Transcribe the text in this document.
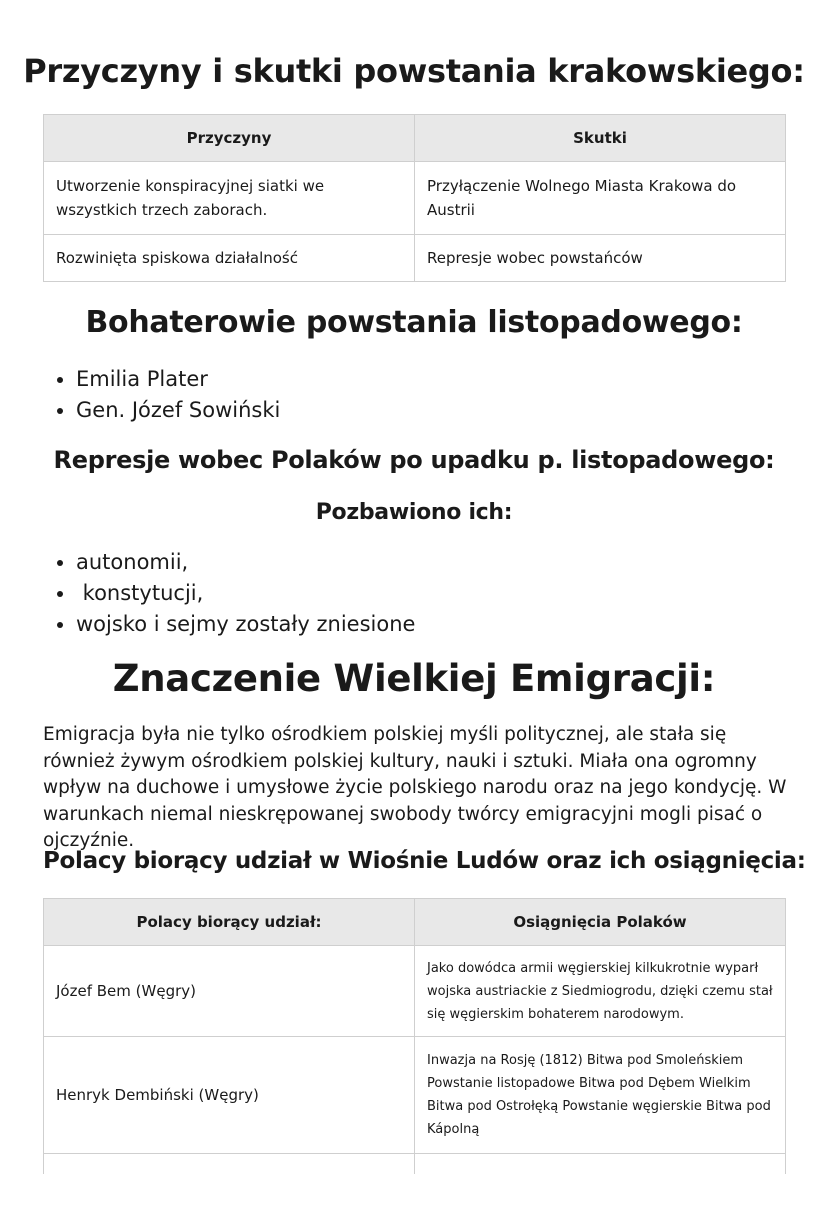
Przyczyny i skutki powstania krakowskiego:
Przyczyny	Skutki
Utworzenie konspiracyjnej siatki we wszystkich trzech zaborach.	Przyłączenie Wolnego Miasta Krakowa do Austrii
Rozwinięta spiskowa działalność	Represje wobec powstańców
Bohaterowie powstania listopadowego:
• Emilia Plater
• Gen. Józef Sowiński
Represje wobec Polaków po upadku p. listopadowego:
Pozbawiono ich:
• autonomii,
•  konstytucji,
• wojsko i sejmy zostały zniesione
Znaczenie Wielkiej Emigracji:

Emigracja była nie tylko ośrodkiem polskiej myśli politycznej, ale stała się również żywym ośrodkiem polskiej kultury, nauki i sztuki. Miała ona ogromny wpływ na duchowe i umysłowe życie polskiego narodu oraz na jego kondycję. W warunkach niemal nieskrępowanej swobody twórcy emigracyjni mogli pisać o ojczyźnie.

Polacy biorący udział w Wiośnie Ludów oraz ich osiągnięcia:
Polacy biorący udział:	Osiągnięcia Polaków
Józef Bem (Węgry)	Jako dowódca armii węgierskiej kilkukrotnie wyparł wojska austriackie z Siedmiogrodu, dzięki czemu stał się węgierskim bohaterem narodowym.
Henryk Dembiński (Węgry)	Inwazja na Rosję (1812) Bitwa pod Smoleńskiem Powstanie listopadowe Bitwa pod Dębem Wielkim Bitwa pod Ostrołęką Powstanie węgierskie Bitwa pod Kápolną
